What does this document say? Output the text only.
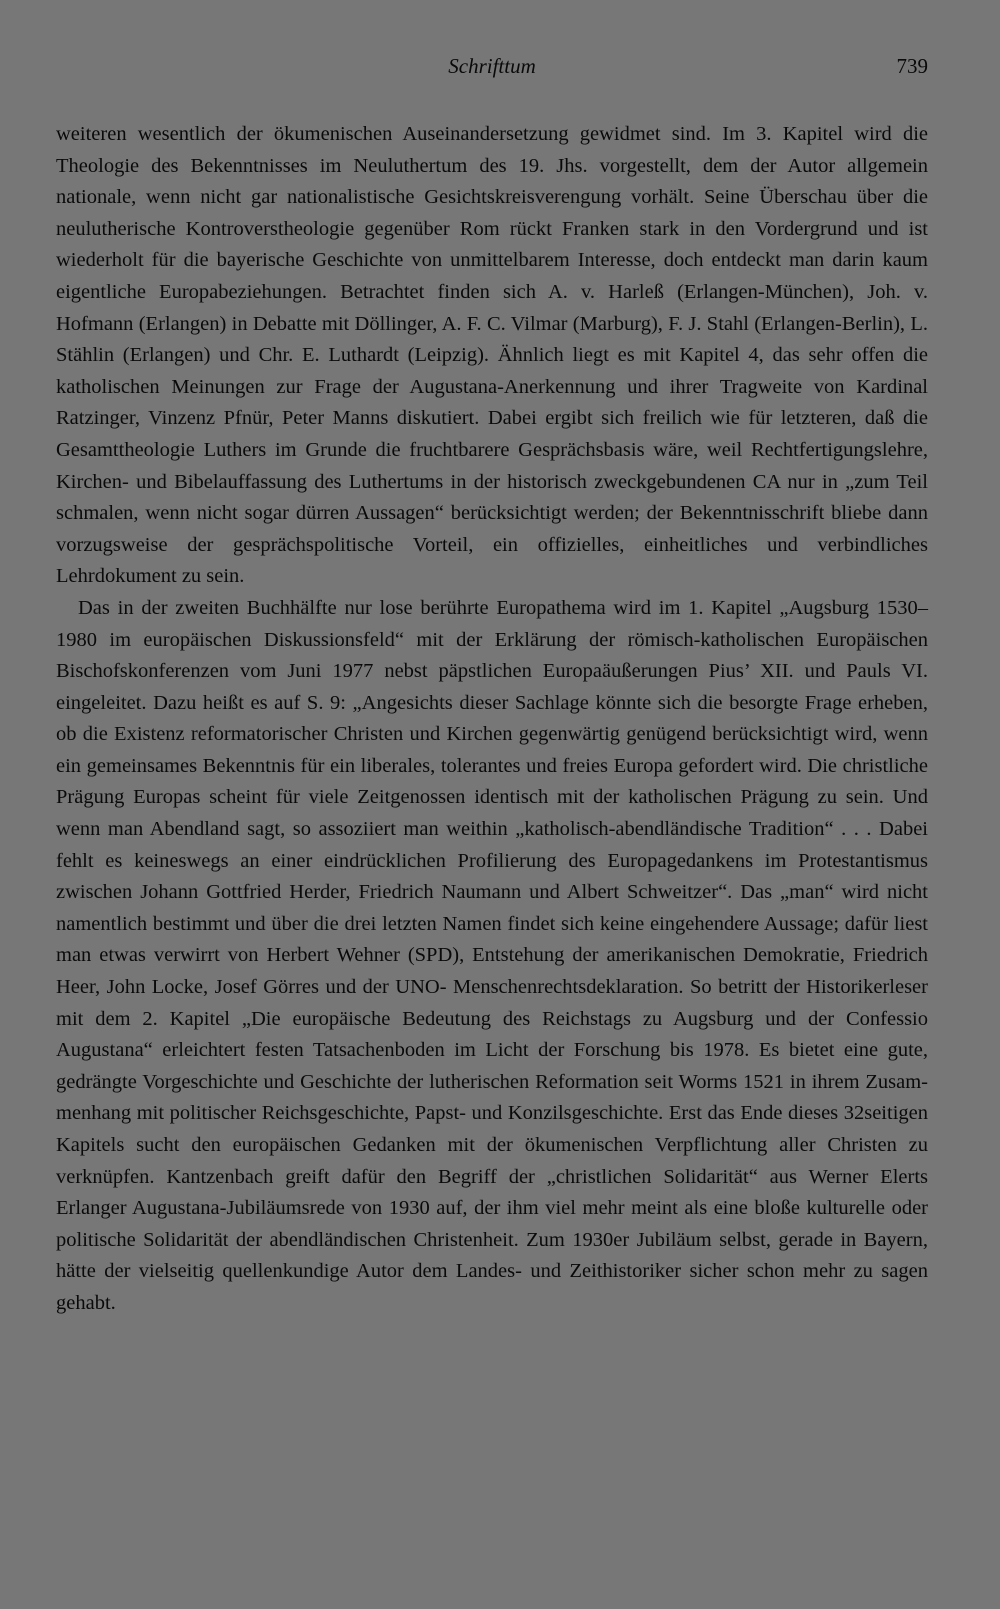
Schrifttum	739

weiteren wesentlich der ökumenischen Auseinandersetzung gewidmet sind. Im 3. Kapitel wird die Theologie des Bekenntnisses im Neuluthertum des 19. Jhs. vorgestellt, dem der Autor allgemein nationale, wenn nicht gar nationalistische Gesichtskreisverengung vorhält. Seine Überschau über die neulutherische Kontroverstheologie gegenüber Rom rückt Franken stark in den Vordergrund und ist wiederholt für die bayerische Geschichte von unmittelbarem Interesse, doch entdeckt man darin kaum eigentliche Europabeziehungen. Betrachtet finden sich A. v. Harleß (Erlangen-München), Joh. v. Hofmann (Erlangen) in Debatte mit Döllinger, A. F. C. Vilmar (Marburg), F. J. Stahl (Erlangen-Berlin), L. Stählin (Erlangen) und Chr. E. Luthardt (Leipzig). Ähnlich liegt es mit Kapitel 4, das sehr offen die katholischen Meinungen zur Frage der Augustana-Anerkennung und ihrer Tragweite von Kardinal Ratzinger, Vinzenz Pfnür, Peter Manns diskutiert. Dabei ergibt sich freilich wie für letzteren, daß die Gesamttheologie Luthers im Grunde die fruchtbarere Gesprächsbasis wäre, weil Rechtfertigungslehre, Kirchen- und Bibelauffassung des Luthertums in der historisch zweckgebundenen CA nur in „zum Teil schmalen, wenn nicht sogar dürren Aussagen“ berücksichtigt werden; der Bekenntnisschrift bliebe dann vorzugsweise der gesprächspolitische Vorteil, ein offizielles, einheitliches und verbindliches Lehrdokument zu sein.

Das in der zweiten Buchhälfte nur lose berührte Europathema wird im 1. Kapitel „Augsburg 1530–1980 im europäischen Diskussionsfeld“ mit der Erklärung der römisch-katholischen Europäischen Bischofskonferenzen vom Juni 1977 nebst päpstlichen Europaäußerungen Pius’ XII. und Pauls VI. eingeleitet. Dazu heißt es auf S. 9: „Angesichts dieser Sachlage könnte sich die besorgte Frage erheben, ob die Existenz reformatorischer Christen und Kirchen gegenwärtig genügend berücksichtigt wird, wenn ein gemeinsames Bekenntnis für ein liberales, tolerantes und freies Europa gefordert wird. Die christliche Prägung Europas scheint für viele Zeitgenossen identisch mit der katholischen Prägung zu sein. Und wenn man Abendland sagt, so assoziiert man weithin „katholisch-abendländische Tradition“ . . . Dabei fehlt es keineswegs an einer eindrücklichen Profilierung des Europagedankens im Protestantismus zwischen Johann Gottfried Herder, Friedrich Naumann und Albert Schweitzer“. Das „man“ wird nicht namentlich bestimmt und über die drei letzten Namen findet sich keine eingehendere Aussage; dafür liest man etwas verwirrt von Herbert Wehner (SPD), Entstehung der amerikanischen Demokratie, Friedrich Heer, John Locke, Josef Görres und der UNO- Menschenrechtsdeklaration. So betritt der Historikerleser mit dem 2. Kapitel „Die europäische Bedeutung des Reichstags zu Augsburg und der Confessio Augustana“ erleichtert festen Tatsachenboden im Licht der Forschung bis 1978. Es bietet eine gute, gedrängte Vorgeschichte und Geschichte der lutherischen Reformation seit Worms 1521 in ihrem Zusammenhang mit politischer Reichsgeschichte, Papst- und Konzilsgeschichte. Erst das Ende dieses 32seitigen Kapitels sucht den europäischen Gedanken mit der ökumenischen Verpflichtung aller Christen zu verknüpfen. Kantzenbach greift dafür den Begriff der „christlichen Solidarität“ aus Werner Elerts Erlanger Augustana-Jubiläumsrede von 1930 auf, der ihm viel mehr meint als eine bloße kulturelle oder politische Solidarität der abendländischen Christenheit. Zum 1930er Jubiläum selbst, gerade in Bayern, hätte der vielseitig quellenkundige Autor dem Landes- und Zeithistoriker sicher schon mehr zu sagen gehabt.
